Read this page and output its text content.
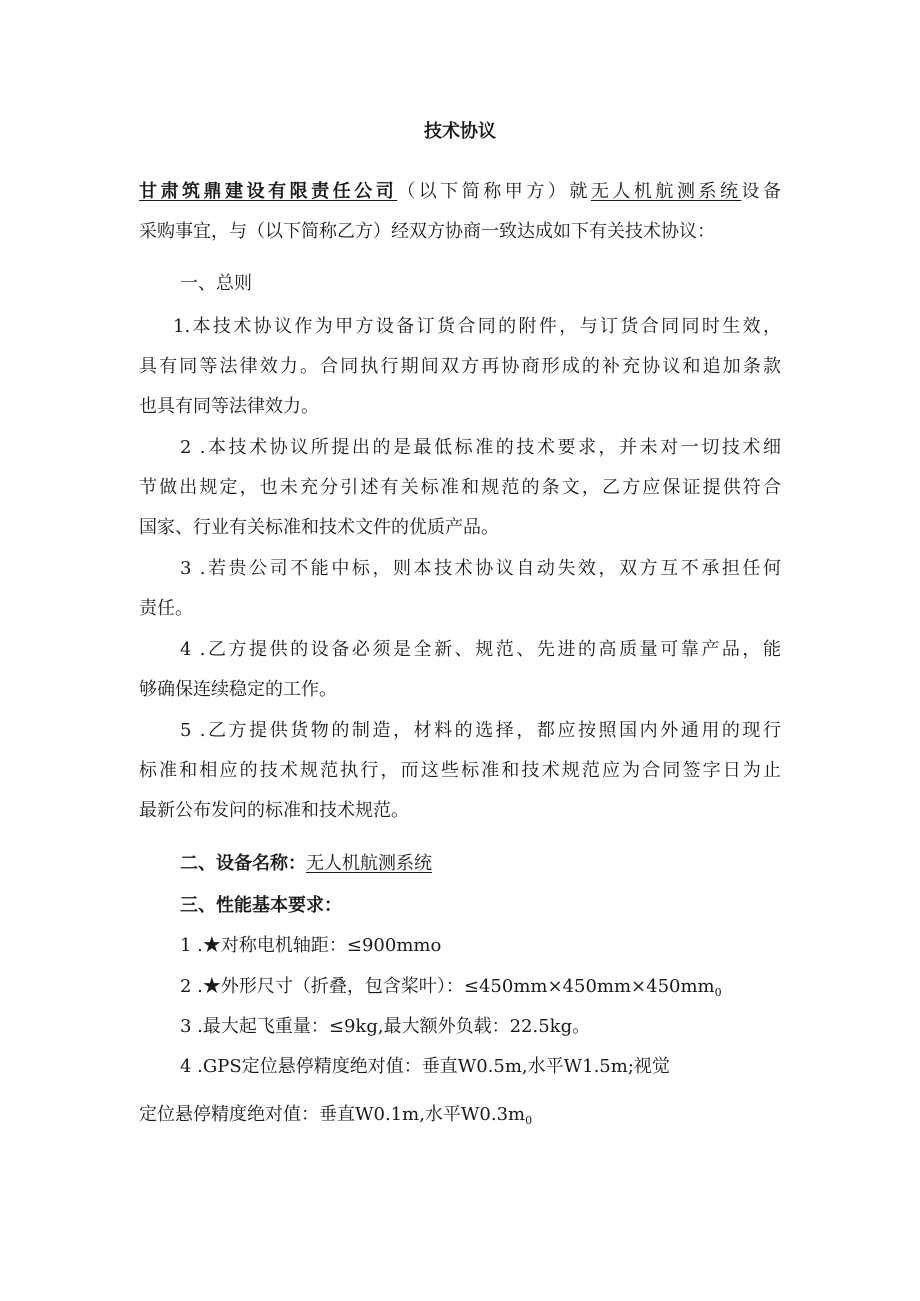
技术协议
甘肃筑鼎建设有限责任公司（以下简称甲方）就无人机航测系统设备
采购事宜，与（以下简称乙方）经双方协商一致达成如下有关技术协议：
一、总则
1.本技术协议作为甲方设备订货合同的附件，与订货合同同时生效，
具有同等法律效力。合同执行期间双方再协商形成的补充协议和追加条款
也具有同等法律效力。
2 .本技术协议所提出的是最低标准的技术要求，并未对一切技术细
节做出规定，也未充分引述有关标准和规范的条文，乙方应保证提供符合
国家、行业有关标准和技术文件的优质产品。
3 .若贵公司不能中标，则本技术协议自动失效，双方互不承担任何
责任。
4 .乙方提供的设备必须是全新、规范、先进的高质量可靠产品，能
够确保连续稳定的工作。
5 .乙方提供货物的制造，材料的选择，都应按照国内外通用的现行
标准和相应的技术规范执行，而这些标准和技术规范应为合同签字日为止
最新公布发问的标准和技术规范。
二、设备名称：无人机航测系统
三、性能基本要求：
1 .★对称电机轴距：≤900mmo
2 .★外形尺寸（折叠，包含桨叶）：$\le 450mm\times 450mm\times 450mm_0$
3 .最大起飞重量：≤9kg,最大额外负载：22.5kg。
4 .GPS定位悬停精度绝对值：垂直W0.5m,水平W1.5m;视觉
定位悬停精度绝对值：垂直W0.1m,水平$W0.3m_0$
